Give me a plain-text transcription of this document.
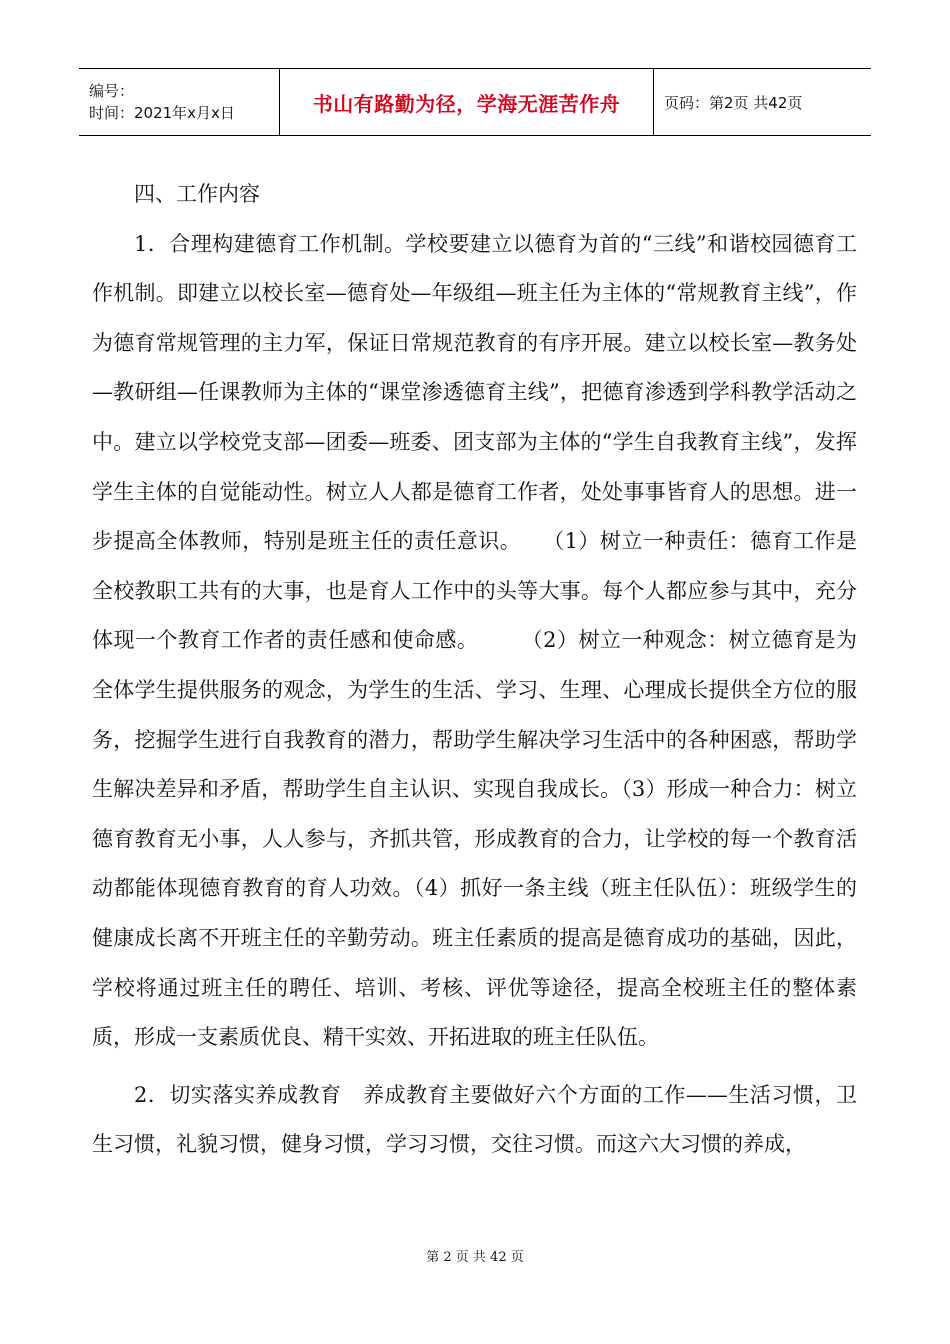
编号：
时间：2021年x月x日	书山有路勤为径，学海无涯苦作舟	页码：第2页 共42页

四、工作内容

1．合理构建德育工作机制。学校要建立以德育为首的“三线”和谐校园德育工作机制。即建立以校长室—德育处—年级组—班主任为主体的“常规教育主线”，作为德育常规管理的主力军，保证日常规范教育的有序开展。建立以校长室—教务处—教研组—任课教师为主体的“课堂渗透德育主线”，把德育渗透到学科教学活动之中。建立以学校党支部—团委—班委、团支部为主体的“学生自我教育主线”，发挥学生主体的自觉能动性。树立人人都是德育工作者，处处事事皆育人的思想。进一步提高全体教师，特别是班主任的责任意识。　　（1）树立一种责任：德育工作是全校教职工共有的大事，也是育人工作中的头等大事。每个人都应参与其中，充分体现一个教育工作者的责任感和使命感。　　　（2）树立一种观念：树立德育是为全体学生提供服务的观念，为学生的生活、学习、生理、心理成长提供全方位的服务，挖掘学生进行自我教育的潜力，帮助学生解决学习生活中的各种困惑，帮助学生解决差异和矛盾，帮助学生自主认识、实现自我成长。（3）形成一种合力：树立德育教育无小事，人人参与，齐抓共管，形成教育的合力，让学校的每一个教育活动都能体现德育教育的育人功效。（4）抓好一条主线（班主任队伍）：班级学生的健康成长离不开班主任的辛勤劳动。班主任素质的提高是德育成功的基础，因此，学校将通过班主任的聘任、培训、考核、评优等途径，提高全校班主任的整体素质，形成一支素质优良、精干实效、开拓进取的班主任队伍。

2．切实落实养成教育　养成教育主要做好六个方面的工作——生活习惯，卫生习惯，礼貌习惯，健身习惯，学习习惯，交往习惯。而这六大习惯的养成，

第 2 页 共 42 页
